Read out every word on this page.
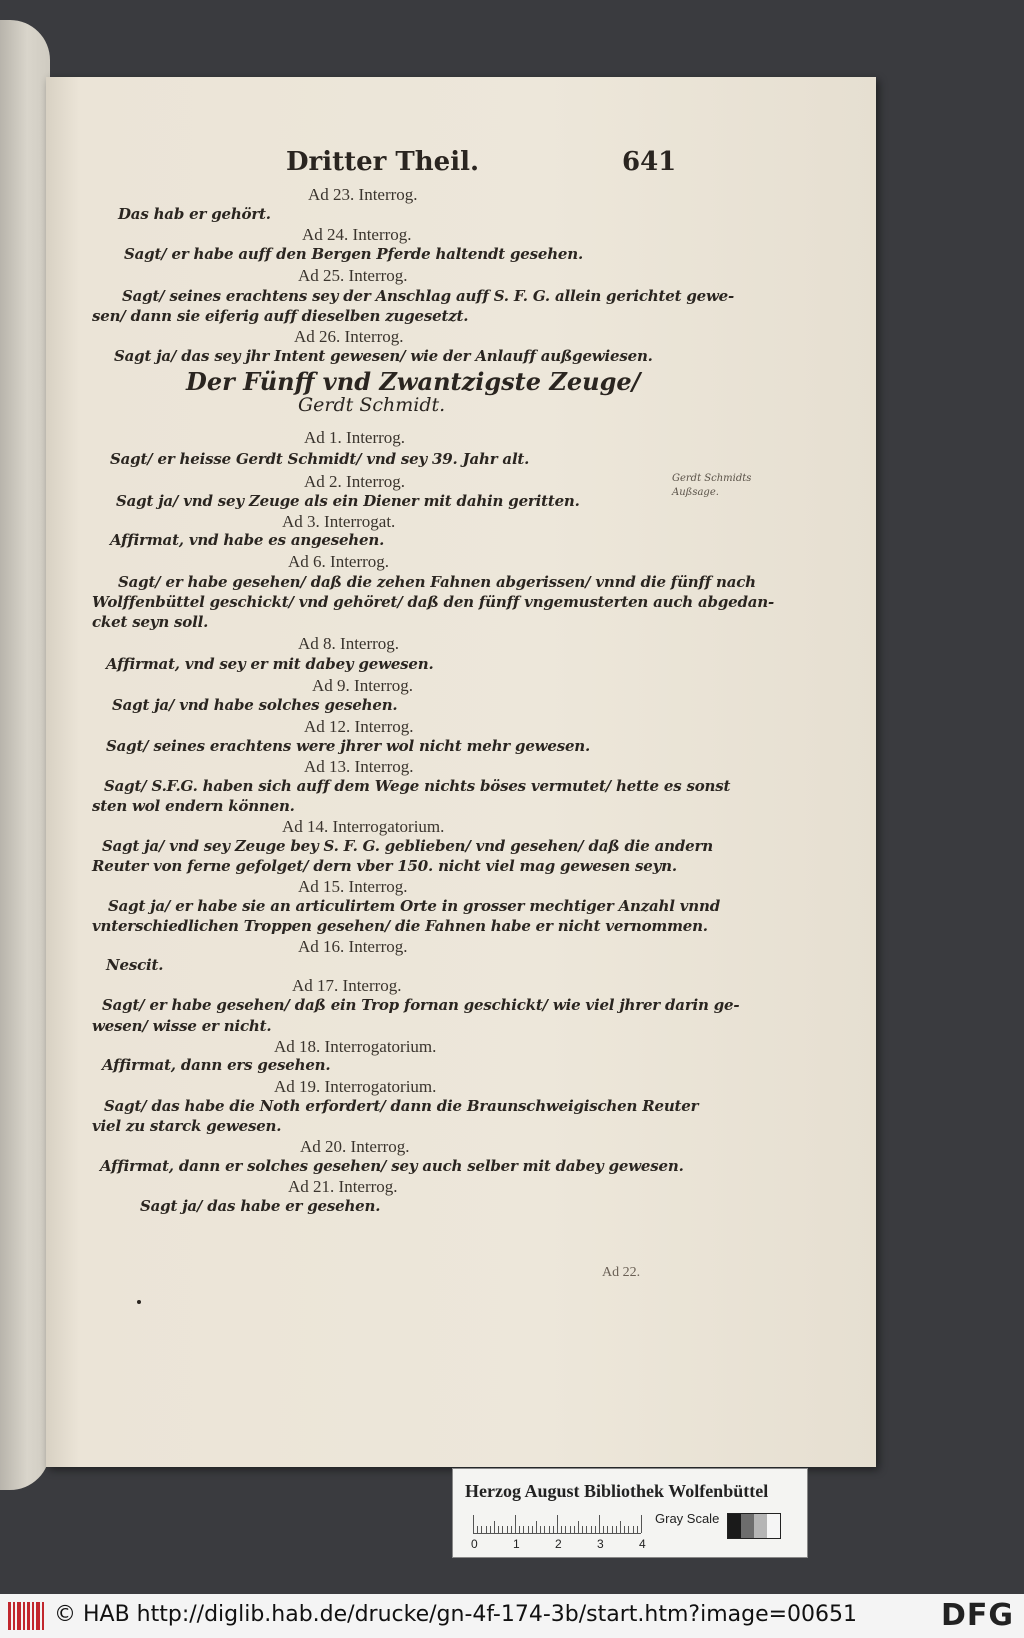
Dritter Theil.	641
Ad 23. Interrog.
Das hab er gehört.
Ad 24. Interrog.
Sagt/ er habe auff den Bergen Pferde haltendt gesehen.
Ad 25. Interrog.
Sagt/ seines erachtens sey der Anschlag auff S. F. G. allein gerichtet gewe-
sen/ dann sie eiferig auff dieselben zugesetzt.
Ad 26. Interrog.
Sagt ja/ das sey jhr Intent gewesen/ wie der Anlauff außgewiesen.
Der Fünff vnd Zwantzigste Zeuge/
Gerdt Schmidt.
Ad 1. Interrog.
Sagt/ er heisse Gerdt Schmidt/ vnd sey 39. Jahr alt.
Ad 2. Interrog.
Sagt ja/ vnd sey Zeuge als ein Diener mit dahin geritten.
Ad 3. Interrogat.
Affirmat, vnd habe es angesehen.
Ad 6. Interrog.
Sagt/ er habe gesehen/ daß die zehen Fahnen abgerissen/ vnnd die fünff nach
Wolffenbüttel geschickt/ vnd gehöret/ daß den fünff vngemusterten auch abgedan-
cket seyn soll.
Ad 8. Interrog.
Affirmat, vnd sey er mit dabey gewesen.
Ad 9. Interrog.
Sagt ja/ vnd habe solches gesehen.
Ad 12. Interrog.
Sagt/ seines erachtens were jhrer wol nicht mehr gewesen.
Ad 13. Interrog.
Sagt/ S.F.G. haben sich auff dem Wege nichts böses vermutet/ hette es sonst
sten wol endern können.
Ad 14. Interrogatorium.
Sagt ja/ vnd sey Zeuge bey S. F. G. geblieben/ vnd gesehen/ daß die andern
Reuter von ferne gefolget/ dern vber 150. nicht viel mag gewesen seyn.
Ad 15. Interrog.
Sagt ja/ er habe sie an articulirtem Orte in grosser mechtiger Anzahl vnnd
vnterschiedlichen Troppen gesehen/ die Fahnen habe er nicht vernommen.
Ad 16. Interrog.
Nescit.
Ad 17. Interrog.
Sagt/ er habe gesehen/ daß ein Trop fornan geschickt/ wie viel jhrer darin ge-
wesen/ wisse er nicht.
Ad 18. Interrogatorium.
Affirmat, dann ers gesehen.
Ad 19. Interrogatorium.
Sagt/ das habe die Noth erfordert/ dann die Braunschweigischen Reuter
viel zu starck gewesen.
Ad 20. Interrog.
Affirmat, dann er solches gesehen/ sey auch selber mit dabey gewesen.
Ad 21. Interrog.
Sagt ja/ das habe er gesehen.
Gerdt Schmidts
Außsage.
Ad 22.
Herzog August Bibliothek Wolfenbüttel
0	1	2	3	4
Gray Scale
© HAB http://diglib.hab.de/drucke/gn-4f-174-3b/start.htm?image=00651	DFG
